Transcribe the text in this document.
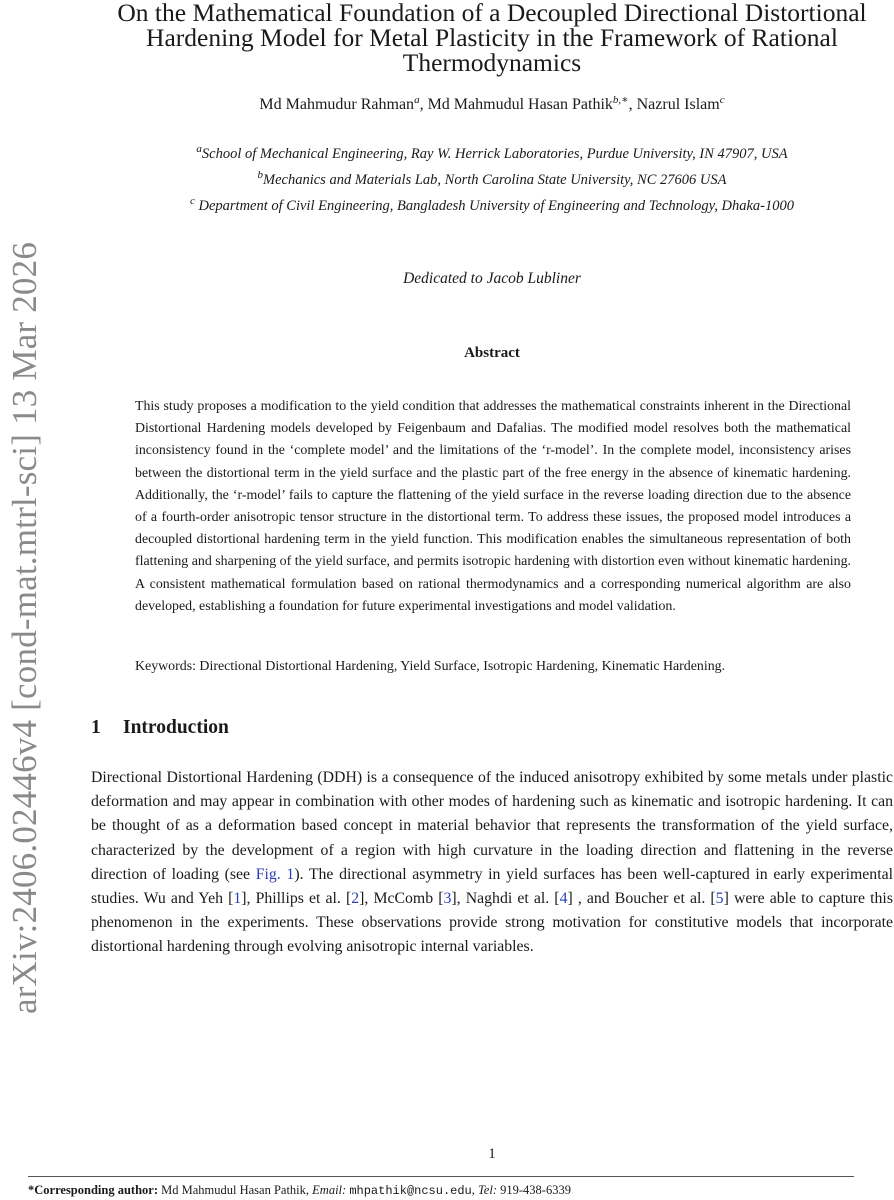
arXiv:2406.02446v4 [cond-mat.mtrl-sci] 13 Mar 2026
On the Mathematical Foundation of a Decoupled Directional Distortional Hardening Model for Metal Plasticity in the Framework of Rational Thermodynamics
Md Mahmudur Rahman$^a$, Md Mahmudul Hasan Pathik$^{b,∗}$, Nazrul Islam$^c$
$^a$School of Mechanical Engineering, Ray W. Herrick Laboratories, Purdue University, IN 47907, USA
$^b$Mechanics and Materials Lab, North Carolina State University, NC 27606 USA
$^c$ Department of Civil Engineering, Bangladesh University of Engineering and Technology, Dhaka-1000
Dedicated to Jacob Lubliner
Abstract

This study proposes a modification to the yield condition that addresses the mathematical constraints inherent in the Directional Distortional Hardening models developed by Feigenbaum and Dafalias. The modified model resolves both the mathematical inconsistency found in the ‘complete model’ and the limitations of the ‘r-model’. In the complete model, inconsistency arises between the distortional term in the yield surface and the plastic part of the free energy in the absence of kinematic hardening. Additionally, the ‘r-model’ fails to capture the flattening of the yield surface in the reverse loading direction due to the absence of a fourth-order anisotropic tensor structure in the distortional term. To address these issues, the proposed model introduces a decoupled distortional hardening term in the yield function. This modification enables the simultaneous representation of both flattening and sharpening of the yield surface, and permits isotropic hardening with distortion even without kinematic hardening. A consistent mathematical formulation based on rational thermodynamics and a corresponding numerical algorithm are also developed, establishing a foundation for future experimental investigations and model validation.

Keywords: Directional Distortional Hardening, Yield Surface, Isotropic Hardening, Kinematic Hardening.
1 Introduction

Directional Distortional Hardening (DDH) is a consequence of the induced anisotropy exhibited by some metals under plastic deformation and may appear in combination with other modes of hardening such as kinematic and isotropic hardening. It can be thought of as a deformation based concept in material behavior that represents the transformation of the yield surface, characterized by the development of a region with high curvature in the loading direction and flattening in the reverse direction of loading (see Fig. 1). The directional asymmetry in yield surfaces has been well-captured in early experimental studies. Wu and Yeh [1], Phillips et al. [2], McComb [3], Naghdi et al. [4] , and Boucher et al. [5] were able to capture this phenomenon in the experiments. These observations provide strong motivation for constitutive models that incorporate distortional hardening through evolving anisotropic internal variables.

1
*Corresponding author: Md Mahmudul Hasan Pathik, Email: mhpathik@ncsu.edu, Tel: 919-438-6339
